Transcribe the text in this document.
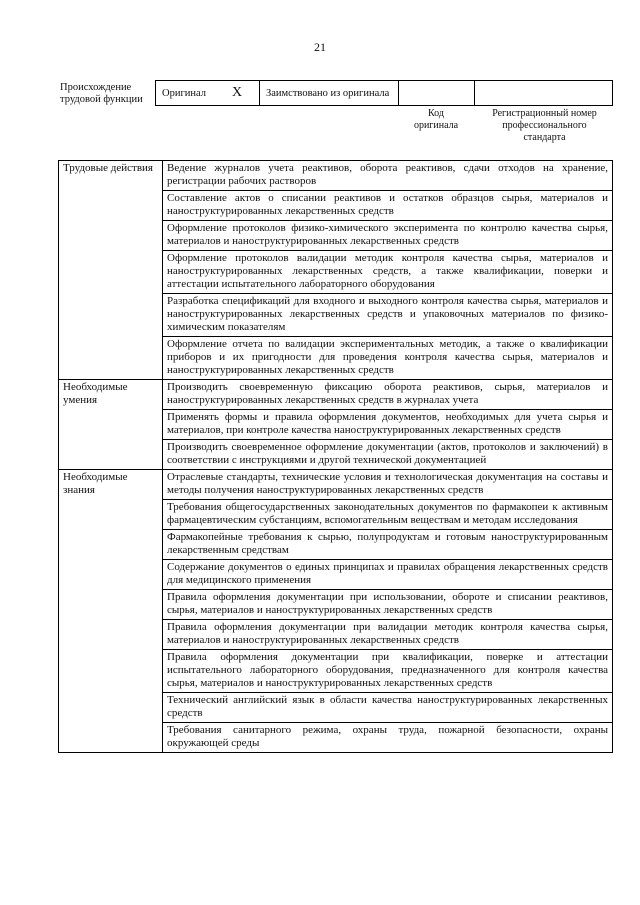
21
Происхождение трудовой функции
Оригинал X Заимствовано из оригинала
Код оригинала
Регистрационный номер профессионального стандарта
Трудовые действия	Ведение журналов учета реактивов, оборота реактивов, сдачи отходов на хранение, регистрации рабочих растворов
	Составление актов о списании реактивов и остатков образцов сырья, материалов и наноструктурированных лекарственных средств
	Оформление протоколов физико-химического эксперимента по контролю качества сырья, материалов и наноструктурированных лекарственных средств
	Оформление протоколов валидации методик контроля качества сырья, материалов и наноструктурированных лекарственных средств, а также квалификации, поверки и аттестации испытательного лабораторного оборудования
	Разработка спецификаций для входного и выходного контроля качества сырья, материалов и наноструктурированных лекарственных средств и упаковочных материалов по физико-химическим показателям
	Оформление отчета по валидации экспериментальных методик, а также о квалификации приборов и их пригодности для проведения контроля качества сырья, материалов и наноструктурированных лекарственных средств
Необходимые умения	Производить своевременную фиксацию оборота реактивов, сырья, материалов и наноструктурированных лекарственных средств в журналах учета
	Применять формы и правила оформления документов, необходимых для учета сырья и материалов, при контроле качества наноструктурированных лекарственных средств
	Производить своевременное оформление документации (актов, протоколов и заключений) в соответствии с инструкциями и другой технической документацией
Необходимые знания	Отраслевые стандарты, технические условия и технологическая документация на составы и методы получения наноструктурированных лекарственных средств
	Требования общегосударственных законодательных документов по фармакопеи к активным фармацевтическим субстанциям, вспомогательным веществам и методам исследования
	Фармакопейные требования к сырью, полупродуктам и готовым наноструктурированным лекарственным средствам
	Содержание документов о единых принципах и правилах обращения лекарственных средств для медицинского применения
	Правила оформления документации при использовании, обороте и списании реактивов, сырья, материалов и наноструктурированных лекарственных средств
	Правила оформления документации при валидации методик контроля качества сырья, материалов и наноструктурированных лекарственных средств
	Правила оформления документации при квалификации, поверке и аттестации испытательного лабораторного оборудования, предназначенного для контроля качества сырья, материалов и наноструктурированных лекарственных средств
	Технический английский язык в области качества наноструктурированных лекарственных средств
	Требования санитарного режима, охраны труда, пожарной безопасности, охраны окружающей среды
